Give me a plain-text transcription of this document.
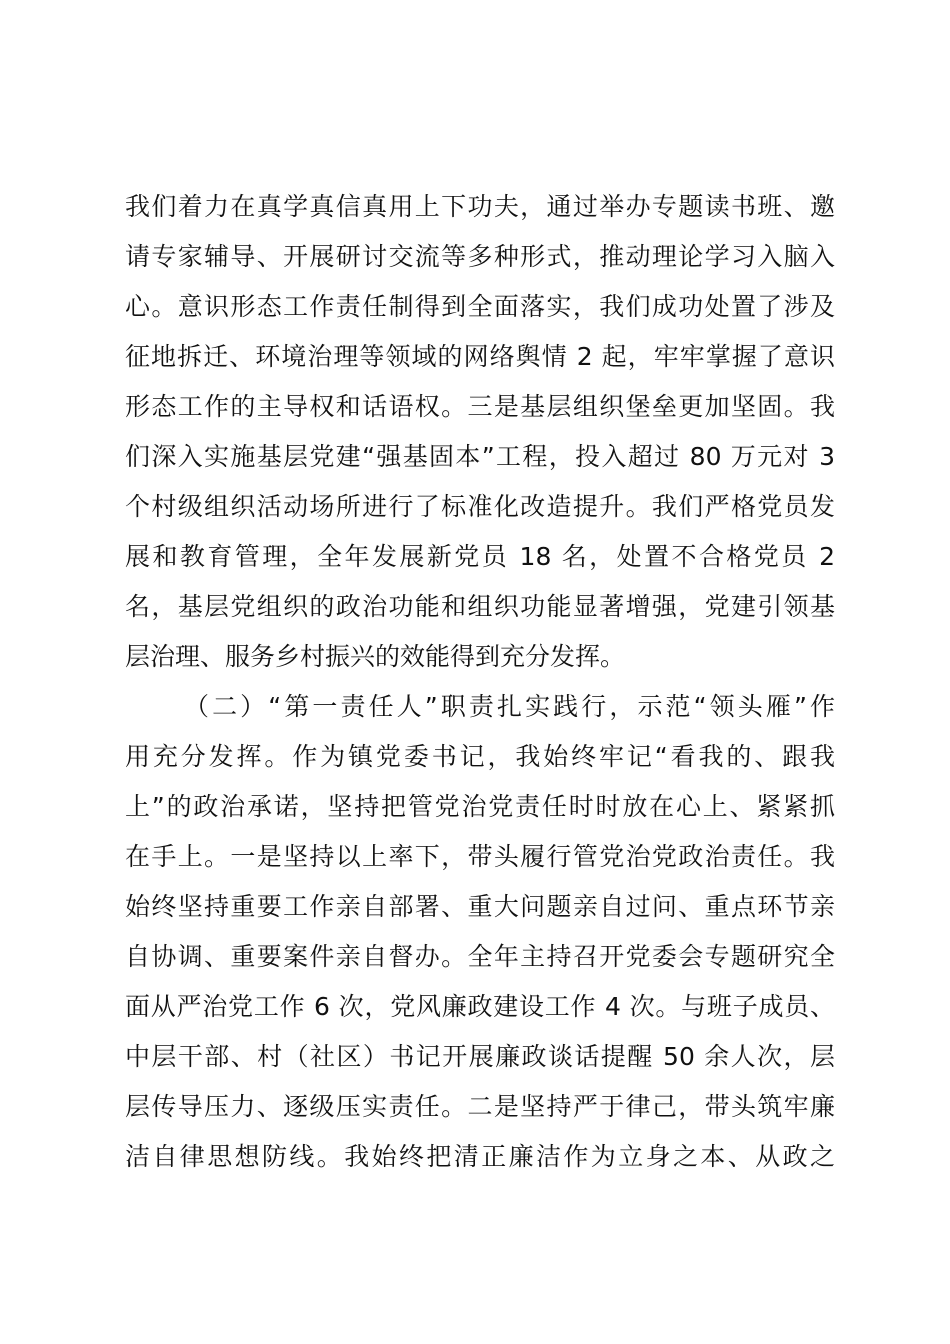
我们着力在真学真信真用上下功夫，通过举办专题读书班、邀
请专家辅导、开展研讨交流等多种形式，推动理论学习入脑入
心。意识形态工作责任制得到全面落实，我们成功处置了涉及
征地拆迁、环境治理等领域的网络舆情 2 起，牢牢掌握了意识
形态工作的主导权和话语权。三是基层组织堡垒更加坚固。我
们深入实施基层党建“强基固本”工程，投入超过 80 万元对 3
个村级组织活动场所进行了标准化改造提升。我们严格党员发
展和教育管理，全年发展新党员 18 名，处置不合格党员 2
名，基层党组织的政治功能和组织功能显著增强，党建引领基
层治理、服务乡村振兴的效能得到充分发挥。
（二）“第一责任人”职责扎实践行，示范“领头雁”作
用充分发挥。作为镇党委书记，我始终牢记“看我的、跟我
上”的政治承诺，坚持把管党治党责任时时放在心上、紧紧抓
在手上。一是坚持以上率下，带头履行管党治党政治责任。我
始终坚持重要工作亲自部署、重大问题亲自过问、重点环节亲
自协调、重要案件亲自督办。全年主持召开党委会专题研究全
面从严治党工作 6 次，党风廉政建设工作 4 次。与班子成员、
中层干部、村（社区）书记开展廉政谈话提醒 50 余人次，层
层传导压力、逐级压实责任。二是坚持严于律己，带头筑牢廉
洁自律思想防线。我始终把清正廉洁作为立身之本、从政之
